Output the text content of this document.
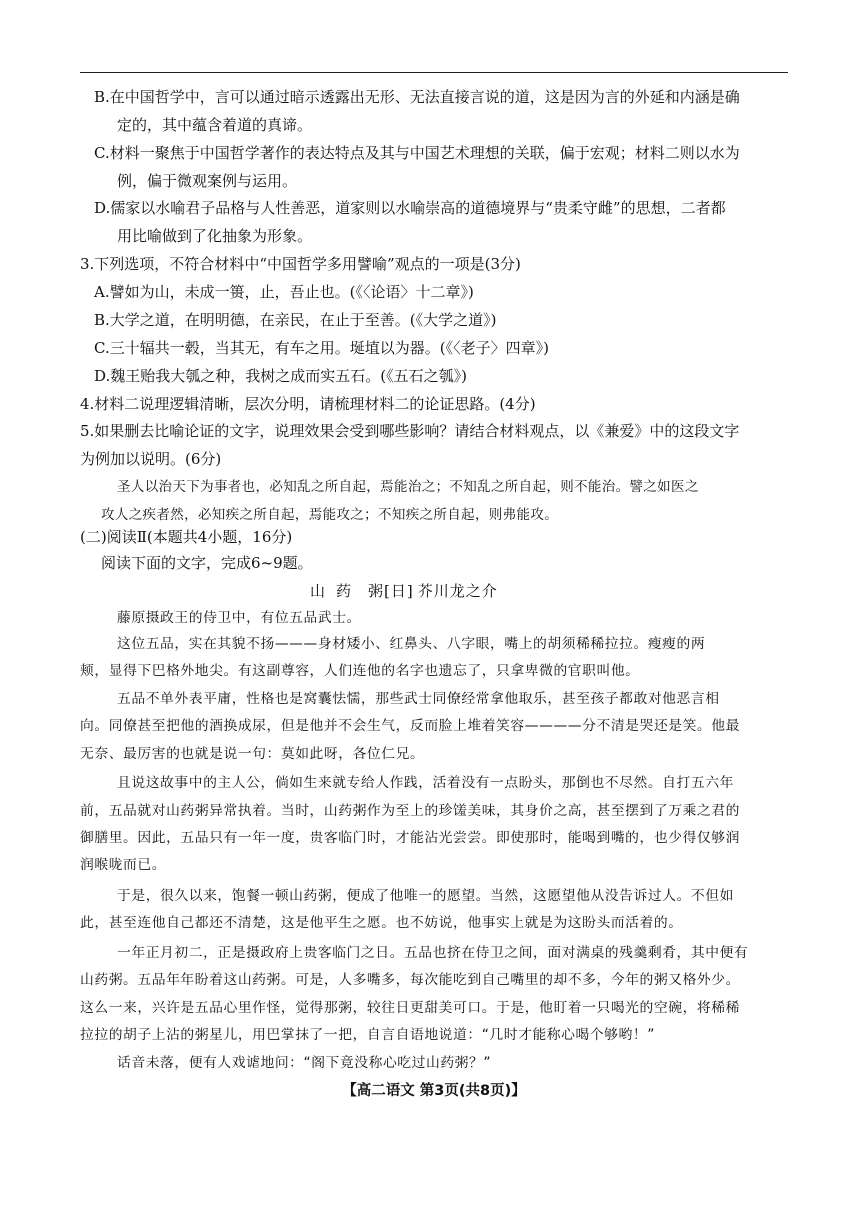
B.在中国哲学中，言可以通过暗示透露出无形、无法直接言说的道，这是因为言的外延和内涵是确
定的，其中蕴含着道的真谛。
C.材料一聚焦于中国哲学著作的表达特点及其与中国艺术理想的关联，偏于宏观；材料二则以水为
例，偏于微观案例与运用。
D.儒家以水喻君子品格与人性善恶，道家则以水喻崇高的道德境界与“贵柔守雌”的思想，二者都
用比喻做到了化抽象为形象。
3.下列选项，不符合材料中“中国哲学多用譬喻”观点的一项是(3分)
A.譬如为山，未成一篑，止，吾止也。(《〈论语〉十二章》)
B.大学之道，在明明德，在亲民，在止于至善。(《大学之道》)
C.三十辐共一毂，当其无，有车之用。埏埴以为器。(《〈老子〉四章》)
D.魏王贻我大瓠之种，我树之成而实五石。(《五石之瓠》)
4.材料二说理逻辑清晰，层次分明，请梳理材料二的论证思路。(4分)
5.如果删去比喻论证的文字，说理效果会受到哪些影响？请结合材料观点，以《兼爱》中的这段文字
为例加以说明。(6分)
圣人以治天下为事者也，必知乱之所自起，焉能治之；不知乱之所自起，则不能治。譬之如医之
攻人之疾者然，必知疾之所自起，焉能攻之；不知疾之所自起，则弗能攻。
(二)阅读Ⅱ(本题共4小题，16分)
阅读下面的文字，完成6~9题。
山 药 粥[日] 芥川龙之介
藤原摄政王的侍卫中，有位五品武士。
这位五品，实在其貌不扬———身材矮小、红鼻头、八字眼，嘴上的胡须稀稀拉拉。瘦瘦的两
颊，显得下巴格外地尖。有这副尊容，人们连他的名字也遗忘了，只拿卑微的官职叫他。
五品不单外表平庸，性格也是窝囊怯懦，那些武士同僚经常拿他取乐，甚至孩子都敢对他恶言相
向。同僚甚至把他的酒换成尿，但是他并不会生气，反而脸上堆着笑容————分不清是哭还是笑。他最
无奈、最厉害的也就是说一句：莫如此呀，各位仁兄。
且说这故事中的主人公，倘如生来就专给人作践，活着没有一点盼头，那倒也不尽然。自打五六年
前，五品就对山药粥异常执着。当时，山药粥作为至上的珍馐美味，其身价之高，甚至摆到了万乘之君的
御膳里。因此，五品只有一年一度，贵客临门时，才能沾光尝尝。即使那时，能喝到嘴的，也少得仅够润
润喉咙而已。
于是，很久以来，饱餐一顿山药粥，便成了他唯一的愿望。当然，这愿望他从没告诉过人。不但如
此，甚至连他自己都还不清楚，这是他平生之愿。也不妨说，他事实上就是为这盼头而活着的。
一年正月初二，正是摄政府上贵客临门之日。五品也挤在侍卫之间，面对满桌的残羹剩肴，其中便有
山药粥。五品年年盼着这山药粥。可是，人多嘴多，每次能吃到自己嘴里的却不多，今年的粥又格外少。
这么一来，兴许是五品心里作怪，觉得那粥，较往日更甜美可口。于是，他盯着一只喝光的空碗，将稀稀
拉拉的胡子上沾的粥星儿，用巴掌抹了一把，自言自语地说道：“几时才能称心喝个够哟！”
话音未落，便有人戏谑地问：“阁下竟没称心吃过山药粥？”
【高二语文 第3页(共8页)】
